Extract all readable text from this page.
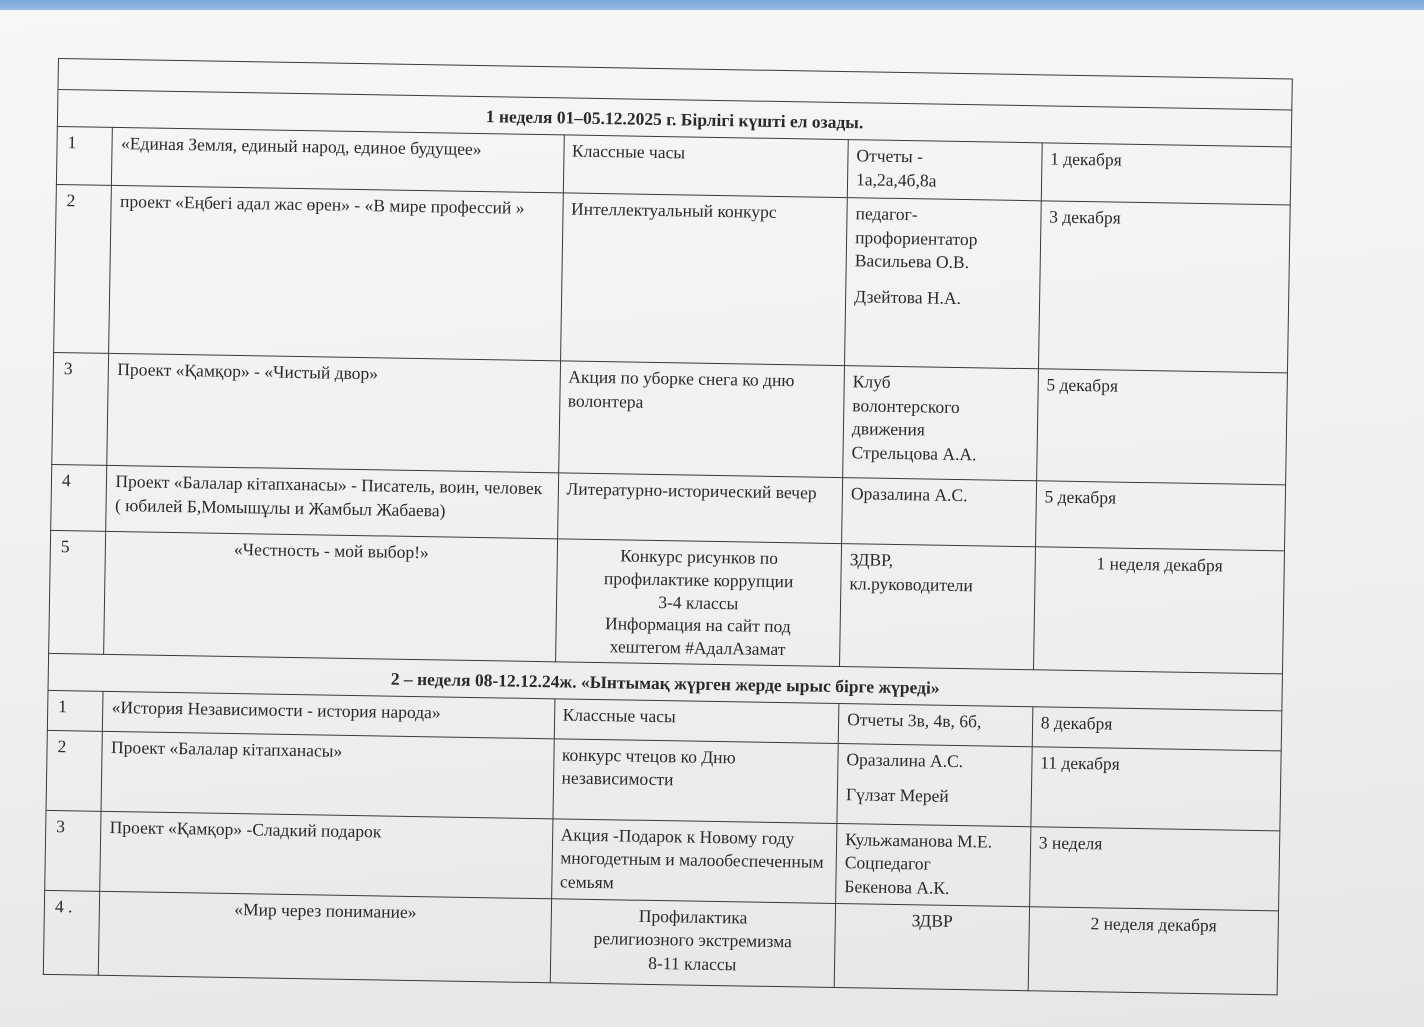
1 неделя 01–05.12.2025 г. Бірлігі күшті ел озады.				
1	«Единая Земля, единый народ, единое будущее»	Классные часы	Отчеты -
1а,2а,4б,8а	1 декабря
2	проект «Еңбегі адал жас өрен» - «В мире профессий »	Интеллектуальный конкурс	педагог-
профориентатор
Васильева О.В.
Дзейтова Н.А.	3 декабря
3	Проект «Қамқор» - «Чистый двор»	Акция по уборке снега ко дню волонтера	Клуб
волонтерского
движения
Стрельцова А.А.	5 декабря
4	Проект «Балалар кітапханасы» - Писатель, воин, человек ( юбилей Б,Момышұлы и Жамбыл Жабаева)	Литературно-исторический вечер	Оразалина А.С.	5 декабря
5	«Честность - мой выбор!»	Конкурс рисунков по
профилактике коррупции
3-4 классы
Информация на сайт под
хештегом #АдалАзамат	ЗДВР,
кл.руководители	1 неделя декабря
2 – неделя 08-12.12.24ж. «Ынтымақ жүрген жерде ырыс бірге жүреді»				
1	«История Независимости - история народа»	Классные часы	Отчеты 3в, 4в, 6б,	8 декабря
2	Проект «Балалар кітапханасы»	конкурс чтецов ко Дню независимости	Оразалина А.С.
Гүлзат Мерей	11 декабря
3	Проект «Қамқор» -Сладкий подарок	Акция -Подарок к Новому году многодетным и малообеспеченным семьям	Кульжаманова М.Е.
Соцпедагог
Бекенова А.К.	3 неделя
4 .	«Мир через понимание»	Профилактика
религиозного экстремизма
8-11 классы	ЗДВР	2 неделя декабря
